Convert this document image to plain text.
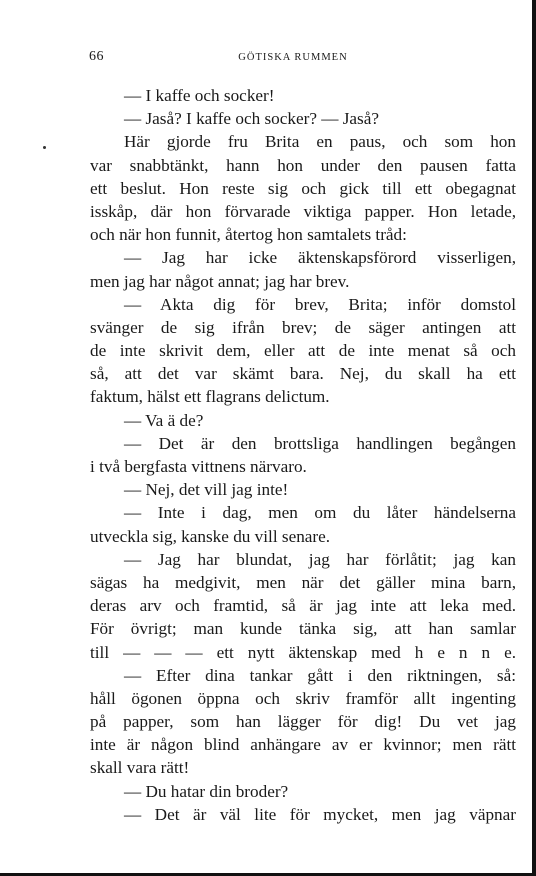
66	GÖTISKA RUMMEN
— I kaffe och socker!
— Jaså? I kaffe och socker? — Jaså?
Här gjorde fru Brita en paus, och som hon
var snabbtänkt, hann hon under den pausen fatta
ett beslut. Hon reste sig och gick till ett obegagnat
isskåp, där hon förvarade viktiga papper. Hon letade,
och när hon funnit, återtog hon samtalets tråd:
— Jag har icke äktenskapsförord visserligen,
men jag har något annat; jag har brev.
— Akta dig för brev, Brita; inför domstol
svänger de sig ifrån brev; de säger antingen att
de inte skrivit dem, eller att de inte menat så och
så, att det var skämt bara. Nej, du skall ha ett
faktum, hälst ett flagrans delictum.
— Va ä de?
— Det är den brottsliga handlingen begången
i två bergfasta vittnens närvaro.
— Nej, det vill jag inte!
— Inte i dag, men om du låter händelserna
utveckla sig, kanske du vill senare.
— Jag har blundat, jag har förlåtit; jag kan
sägas ha medgivit, men när det gäller mina barn,
deras arv och framtid, så är jag inte att leka med.
För övrigt; man kunde tänka sig, att han samlar
till — — — ett nytt äktenskap med h e n n e.
— Efter dina tankar gått i den riktningen, så:
håll ögonen öppna och skriv framför allt ingenting
på papper, som han lägger för dig! Du vet jag
inte är någon blind anhängare av er kvinnor; men rätt
skall vara rätt!
— Du hatar din broder?
— Det är väl lite för mycket, men jag väpnar
